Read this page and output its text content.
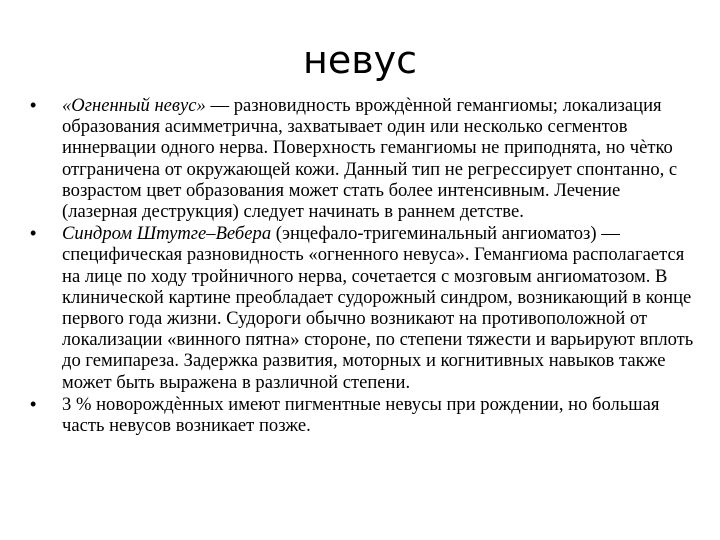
невус
• «Огненный невус» — разновидность врождѐнной гемангиомы; локализация образования асимметрична, захватывает один или несколько сегментов иннервации одного нерва. Поверхность гемангиомы не приподнята, но чѐтко отграничена от окружающей кожи. Данный тип не регрессирует спонтанно, с возрастом цвет образования может стать более интенсивным. Лечение (лазерная деструкция) следует начинать в раннем детстве.
• Синдром Штутге–Вебера (энцефало-тригеминальный ангиоматоз) — специфическая разновидность «огненного невуса». Гемангиома располагается на лице по ходу тройничного нерва, сочетается с мозговым ангиоматозом. В клинической картине преобладает судорожный синдром, возникающий в конце первого года жизни. Судороги обычно возникают на противоположной от локализации «винного пятна» стороне, по степени тяжести и варьируют вплоть до гемипареза. Задержка развития, моторных и когнитивных навыков также может быть выражена в различной степени.
• 3 % новорождѐнных имеют пигментные невусы при рождении, но большая часть невусов возникает позже.
